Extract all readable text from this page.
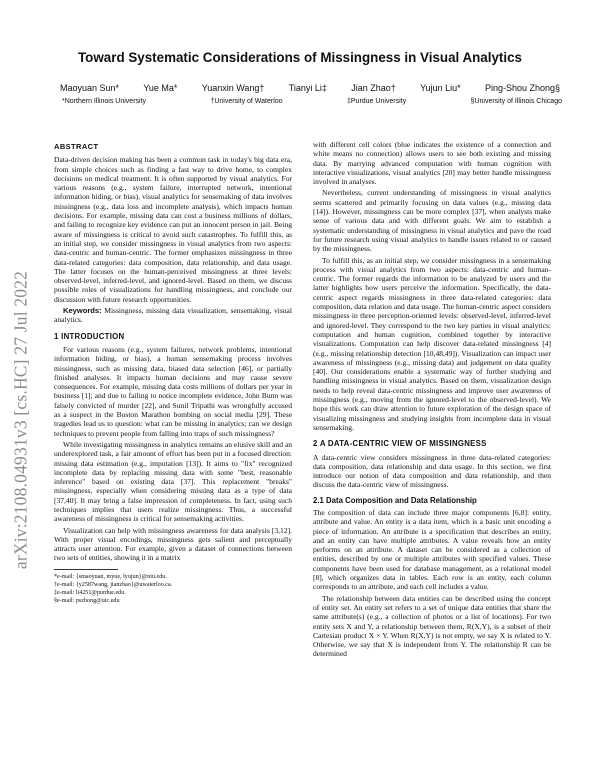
arXiv:2108.04931v3 [cs.HC] 27 Jul 2022
Toward Systematic Considerations of Missingness in Visual Analytics
Maoyuan Sun*	Yue Ma*	Yuanxin Wang†	Tianyi Li‡	Jian Zhao†	Yujun Liu*	Ping-Shou Zhong§
*Northern Illinois University	†University of Waterloo	‡Purdue University	§University of Illinois Chicago
ABSTRACT

Data-driven decision making has been a common task in today's big data era, from simple choices such as finding a fast way to drive home, to complex decisions on medical treatment. It is often supported by visual analytics. For various reasons (e.g., system failure, interrupted network, intentional information hiding, or bias), visual analytics for sensemaking of data involves missingness (e.g., data loss and incomplete analysis), which impacts human decisions. For example, missing data can cost a business millions of dollars, and failing to recognize key evidence can put an innocent person in jail. Being aware of missingness is critical to avoid such catastrophes. To fulfill this, as an initial step, we consider missingness in visual analytics from two aspects: data-centric and human-centric. The former emphasizes missingness in three data-related categories: data composition, data relationship, and data usage. The latter focuses on the human-perceived missingness at three levels: observed-level, inferred-level, and ignored-level. Based on them, we discuss possible roles of visualizations for handling missingness, and conclude our discussion with future research opportunities.

Keywords: Missingness, missing data visualization, sensemaking, visual analytics.

1 INTRODUCTION

For various reasons (e.g., system failures, network problems, intentional information hiding, or bias), a human sensemaking process involves missingness, such as missing data, biased data selection [46], or partially finished analyses. It impacts human decisions and may cause severe consequences. For example, missing data costs millions of dollars per year in business [1]; and due to failing to notice incomplete evidence, John Bunn was falsely convicted of murder [22], and Sunil Tripathi was wrongfully accused as a suspect in the Boston Marathon bombing on social media [29]. These tragedies lead us to question: what can be missing in analytics; can we design techniques to prevent people from falling into traps of such missingness?

While investigating missingness in analytics remains an elusive skill and an underexplored task, a fair amount of effort has been put in a focused direction: missing data estimation (e.g., imputation [13]). It aims to "fix" recognized incomplete data by replacing missing data with some "best, reasonable inference" based on existing data [37]. This replacement "breaks" missingness, especially when considering missing data as a type of data [37,40]. It may bring a false impression of completeness. In fact, using such techniques implies that users realize missingness. Thus, a successful awareness of missingness is critical for sensemaking activities.

Visualization can help with missingness awareness for data analysis [3,12]. With proper visual encodings, missingness gets salient and perceptually attracts user attention. For example, given a dataset of connections between two sets of entities, showing it in a matrix

*e-mail: {smaoyuan, myue, lyujun}@niu.edu.
†e-mail: {y2587wang, jianzhao}@uwaterloo.ca.
‡e-mail: li4251@purdue.edu.
§e-mail: pszhong@uic.edu

with different cell colors (blue indicates the existence of a connection and white means no connection) allows users to see both existing and missing data. By marrying advanced computation with human cognition with interactive visualizations, visual analytics [20] may better handle missingness involved in analyses.

Nevertheless, current understanding of missingness in visual analytics seems scattered and primarily focusing on data values (e.g., missing data [14]). However, missingness can be more complex [37], when analysts make sense of various data and with different goals. We aim to establish a systematic understanding of missingness in visual analytics and pave the road for future research using visual analytics to handle issues related to or caused by the missingness.

To fulfill this, as an initial step, we consider missingness in a sensemaking process with visual analytics from two aspects: data-centric and human-centric. The former regards the information to be analyzed by users and the latter highlights how users perceive the information. Specifically, the data-centric aspect regards missingness in three data-related categories: data composition, data relation and data usage. The human-centric aspect considers missingness in three perception-oriented levels: observed-level, inferred-level and ignored-level. They correspond to the two key parties in visual analytics: computation and human cognition, combined together by interactive visualizations. Computation can help discover data-related missingness [4] (e.g., missing relationship detection [10,48,49]). Visualization can impact user awareness of missingness (e.g., missing data) and judgement on data quality [40]. Our considerations enable a systematic way of further studying and handling missingness in visual analytics. Based on them, visualization design needs to help reveal data-centric missingness and improve user awareness of missingness (e.g., moving from the ignored-level to the observed-level). We hope this work can draw attention to future exploration of the design space of visualizing missingness and studying insights from incomplete data in visual sensemaking.

2 A DATA-CENTRIC VIEW OF MISSINGNESS

A data-centric view considers missingness in three data-related categories: data composition, data relationship and data usage. In this section, we first introduce our notion of data composition and data relationship, and then discuss the data-centric view of missingness.

2.1 Data Composition and Data Relationship

The composition of data can include three major components [6,8]: entity, attribute and value. An entity is a data item, which is a basic unit encoding a piece of information. An attribute is a specification that describes an entity, and an entity can have multiple attributes. A value reveals how an entity performs on an attribute. A dataset can be considered as a collection of entities, described by one or multiple attributes with specified values. These components have been used for database management, as a relational model [8], which organizes data in tables. Each row is an entity, each column corresponds to an attribute, and each cell includes a value.

The relationship between data entities can be described using the concept of entity set. An entity set refers to a set of unique data entities that share the same attribute(s) (e.g., a collection of photos or a list of locations). For two entity sets X and Y, a relationship between them, R(X,Y), is a subset of their Cartesian product X × Y. When R(X,Y) is not empty, we say X is related to Y. Otherwise, we say that X is independent from Y. The relationship R can be determined
